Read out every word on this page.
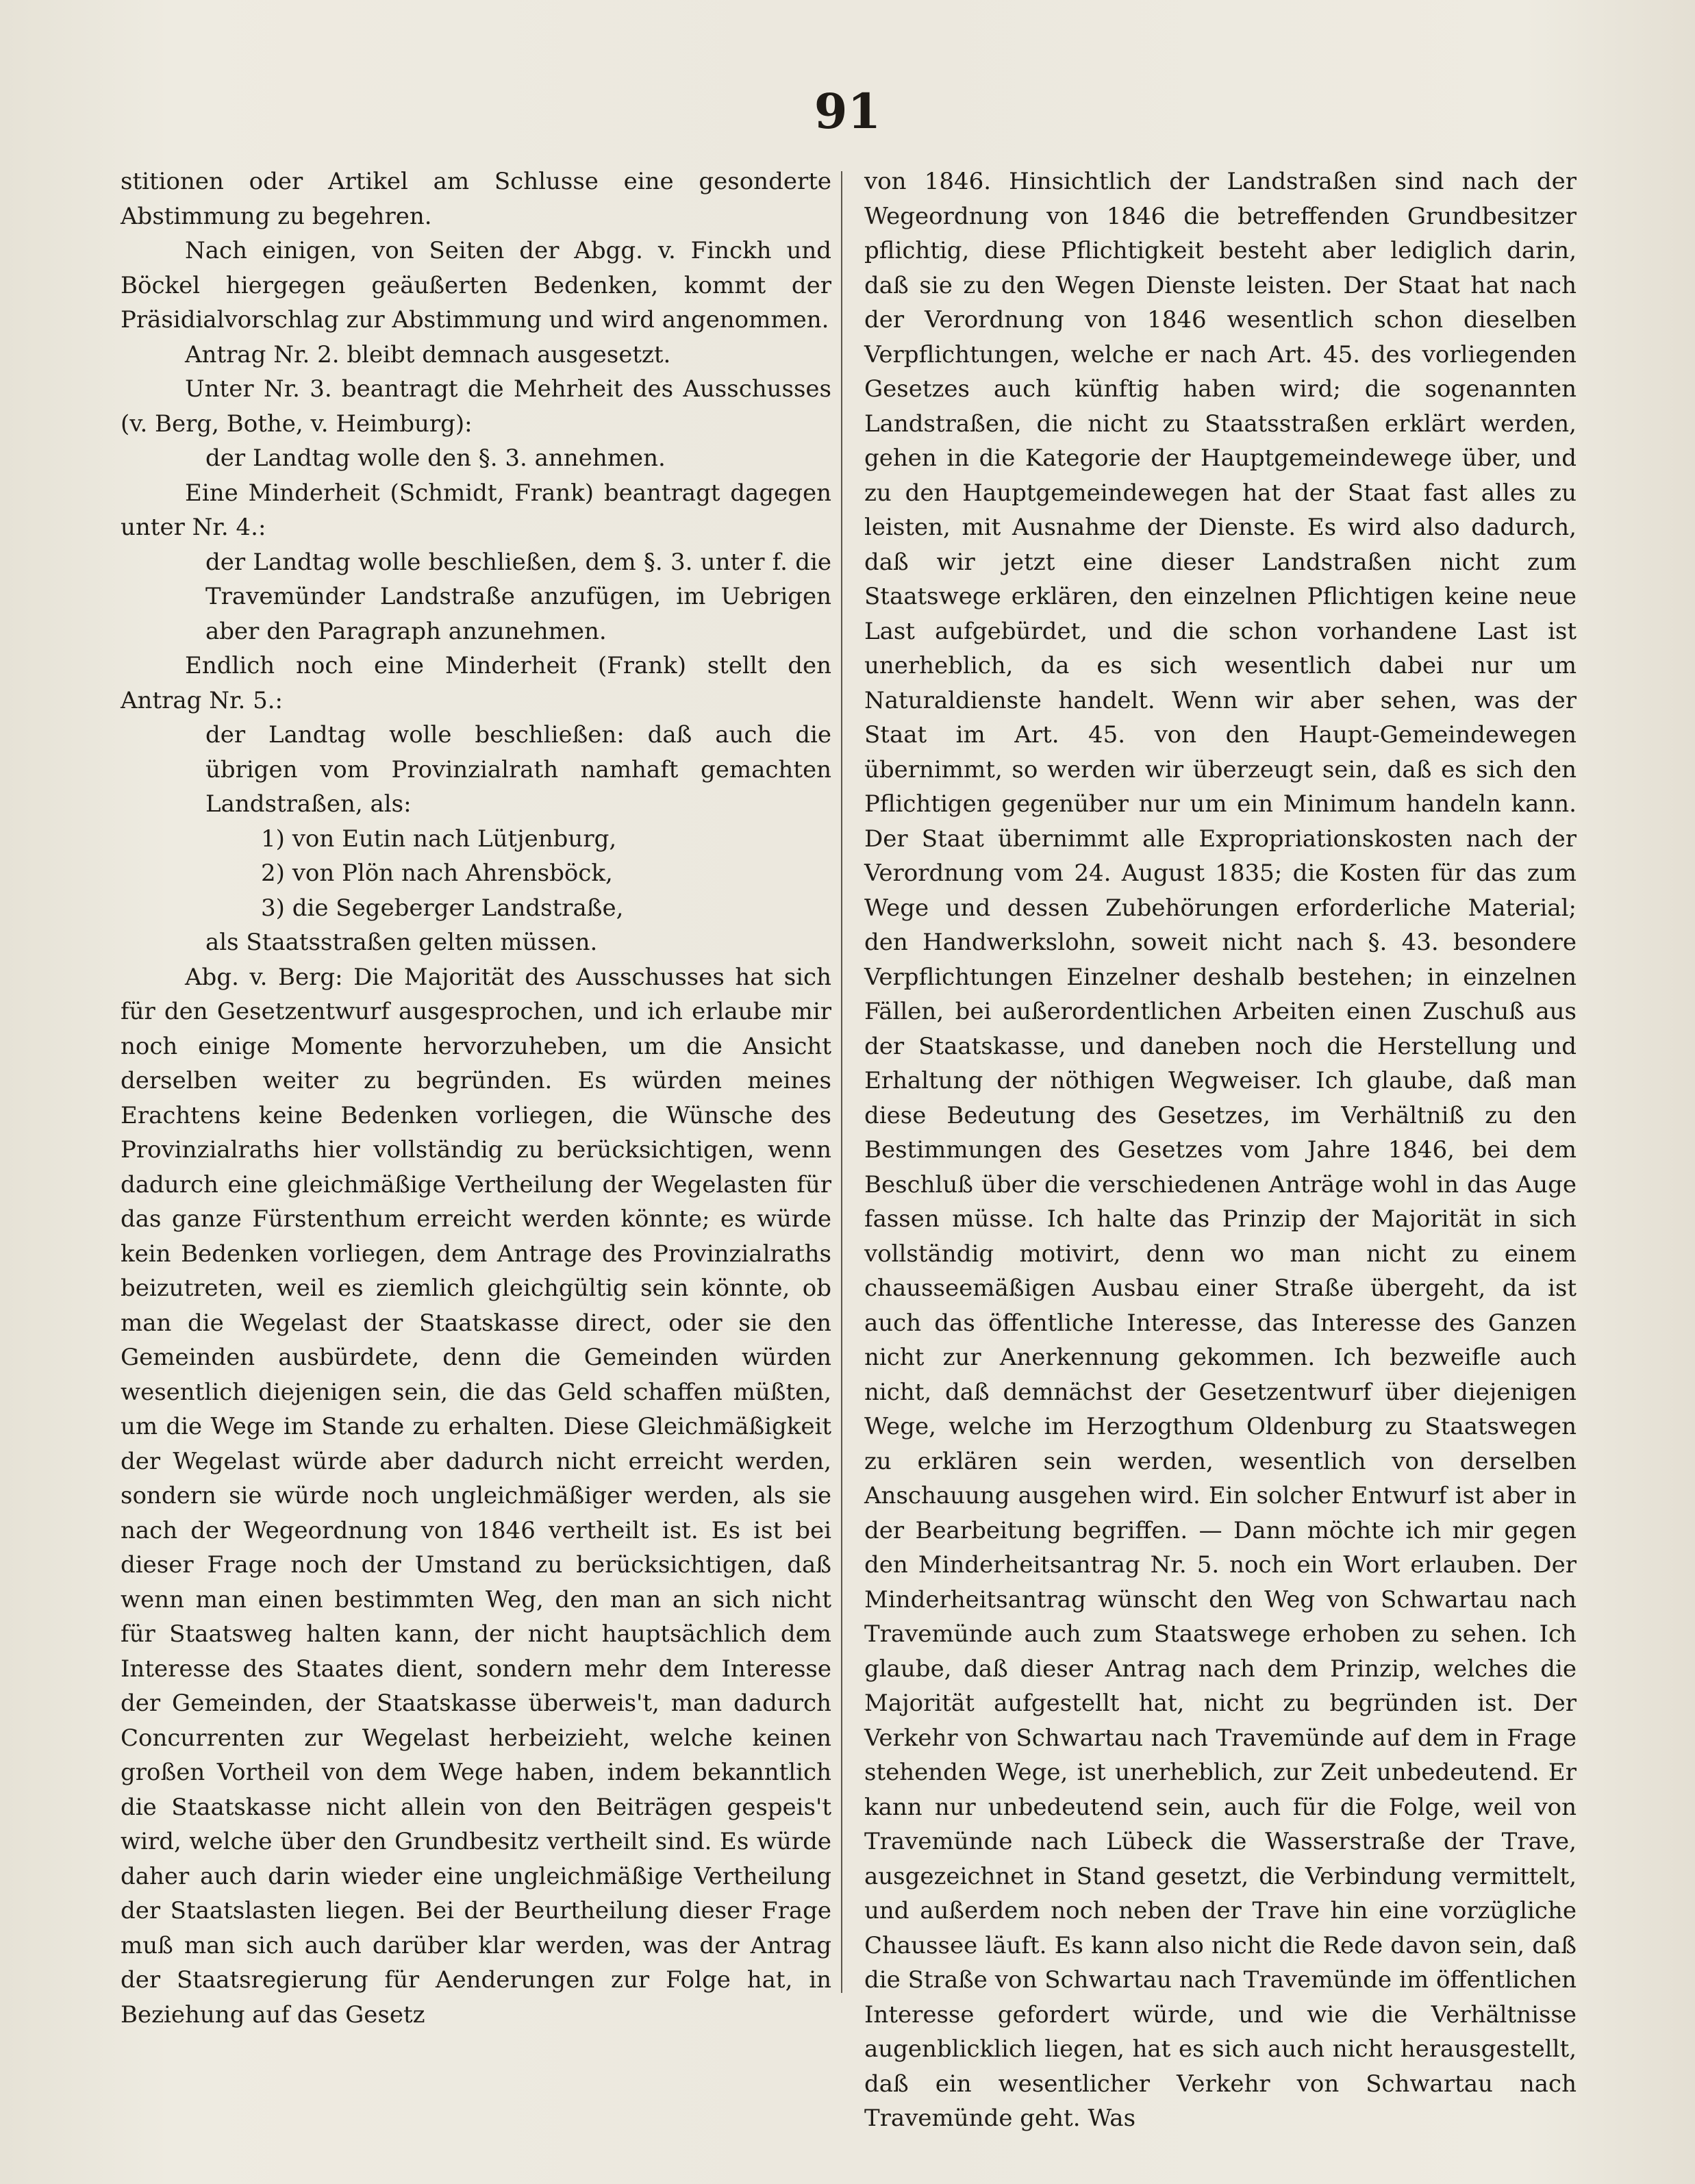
91

stitionen oder Artikel am Schlusse eine gesonderte Abstimmung zu begehren.

Nach einigen, von Seiten der Abgg. v. Finckh und Böckel hiergegen geäußerten Bedenken, kommt der Präsidialvorschlag zur Abstimmung und wird angenommen.

Antrag Nr. 2. bleibt demnach ausgesetzt.

Unter Nr. 3. beantragt die Mehrheit des Ausschusses (v. Berg, Bothe, v. Heimburg):

der Landtag wolle den §. 3. annehmen.

Eine Minderheit (Schmidt, Frank) beantragt dagegen unter Nr. 4.:

der Landtag wolle beschließen, dem §. 3. unter f. die Travemünder Landstraße anzufügen, im Uebrigen aber den Paragraph anzunehmen.

Endlich noch eine Minderheit (Frank) stellt den Antrag Nr. 5.:

der Landtag wolle beschließen: daß auch die übrigen vom Provinzialrath namhaft gemachten Landstraßen, als:

1) von Eutin nach Lütjenburg,

2) von Plön nach Ahrensböck,

3) die Segeberger Landstraße,

als Staatsstraßen gelten müssen.

Abg. v. Berg: Die Majorität des Ausschusses hat sich für den Gesetzentwurf ausgesprochen, und ich erlaube mir noch einige Momente hervorzuheben, um die Ansicht derselben weiter zu begründen. Es würden meines Erachtens keine Bedenken vorliegen, die Wünsche des Provinzialraths hier vollständig zu berücksichtigen, wenn dadurch eine gleichmäßige Vertheilung der Wegelasten für das ganze Fürstenthum erreicht werden könnte; es würde kein Bedenken vorliegen, dem Antrage des Provinzialraths beizutreten, weil es ziemlich gleichgültig sein könnte, ob man die Wegelast der Staatskasse direct, oder sie den Gemeinden ausbürdete, denn die Gemeinden würden wesentlich diejenigen sein, die das Geld schaffen müßten, um die Wege im Stande zu erhalten. Diese Gleichmäßigkeit der Wegelast würde aber dadurch nicht erreicht werden, sondern sie würde noch ungleichmäßiger werden, als sie nach der Wegeordnung von 1846 vertheilt ist. Es ist bei dieser Frage noch der Umstand zu berücksichtigen, daß wenn man einen bestimmten Weg, den man an sich nicht für Staatsweg halten kann, der nicht hauptsächlich dem Interesse des Staates dient, sondern mehr dem Interesse der Gemeinden, der Staatskasse überweis't, man dadurch Concurrenten zur Wegelast herbeizieht, welche keinen großen Vortheil von dem Wege haben, indem bekanntlich die Staatskasse nicht allein von den Beiträgen gespeis't wird, welche über den Grundbesitz vertheilt sind. Es würde daher auch darin wieder eine ungleichmäßige Vertheilung der Staatslasten liegen. Bei der Beurtheilung dieser Frage muß man sich auch darüber klar werden, was der Antrag der Staatsregierung für Aenderungen zur Folge hat, in Beziehung auf das Gesetz

von 1846. Hinsichtlich der Landstraßen sind nach der Wegeordnung von 1846 die betreffenden Grundbesitzer pflichtig, diese Pflichtigkeit besteht aber lediglich darin, daß sie zu den Wegen Dienste leisten. Der Staat hat nach der Verordnung von 1846 wesentlich schon dieselben Verpflichtungen, welche er nach Art. 45. des vorliegenden Gesetzes auch künftig haben wird; die sogenannten Landstraßen, die nicht zu Staatsstraßen erklärt werden, gehen in die Kategorie der Hauptgemeindewege über, und zu den Hauptgemeindewegen hat der Staat fast alles zu leisten, mit Ausnahme der Dienste. Es wird also dadurch, daß wir jetzt eine dieser Landstraßen nicht zum Staatswege erklären, den einzelnen Pflichtigen keine neue Last aufgebürdet, und die schon vorhandene Last ist unerheblich, da es sich wesentlich dabei nur um Naturaldienste handelt. Wenn wir aber sehen, was der Staat im Art. 45. von den Haupt-Gemeindewegen übernimmt, so werden wir überzeugt sein, daß es sich den Pflichtigen gegenüber nur um ein Minimum handeln kann. Der Staat übernimmt alle Expropriationskosten nach der Verordnung vom 24. August 1835; die Kosten für das zum Wege und dessen Zubehörungen erforderliche Material; den Handwerkslohn, soweit nicht nach §. 43. besondere Verpflichtungen Einzelner deshalb bestehen; in einzelnen Fällen, bei außerordentlichen Arbeiten einen Zuschuß aus der Staatskasse, und daneben noch die Herstellung und Erhaltung der nöthigen Wegweiser. Ich glaube, daß man diese Bedeutung des Gesetzes, im Verhältniß zu den Bestimmungen des Gesetzes vom Jahre 1846, bei dem Beschluß über die verschiedenen Anträge wohl in das Auge fassen müsse. Ich halte das Prinzip der Majorität in sich vollständig motivirt, denn wo man nicht zu einem chausseemäßigen Ausbau einer Straße übergeht, da ist auch das öffentliche Interesse, das Interesse des Ganzen nicht zur Anerkennung gekommen. Ich bezweifle auch nicht, daß demnächst der Gesetzentwurf über diejenigen Wege, welche im Herzogthum Oldenburg zu Staatswegen zu erklären sein werden, wesentlich von derselben Anschauung ausgehen wird. Ein solcher Entwurf ist aber in der Bearbeitung begriffen. — Dann möchte ich mir gegen den Minderheitsantrag Nr. 5. noch ein Wort erlauben. Der Minderheitsantrag wünscht den Weg von Schwartau nach Travemünde auch zum Staatswege erhoben zu sehen. Ich glaube, daß dieser Antrag nach dem Prinzip, welches die Majorität aufgestellt hat, nicht zu begründen ist. Der Verkehr von Schwartau nach Travemünde auf dem in Frage stehenden Wege, ist unerheblich, zur Zeit unbedeutend. Er kann nur unbedeutend sein, auch für die Folge, weil von Travemünde nach Lübeck die Wasserstraße der Trave, ausgezeichnet in Stand gesetzt, die Verbindung vermittelt, und außerdem noch neben der Trave hin eine vorzügliche Chaussee läuft. Es kann also nicht die Rede davon sein, daß die Straße von Schwartau nach Travemünde im öffentlichen Interesse gefordert würde, und wie die Verhältnisse augenblicklich liegen, hat es sich auch nicht herausgestellt, daß ein wesentlicher Verkehr von Schwartau nach Travemünde geht. Was
